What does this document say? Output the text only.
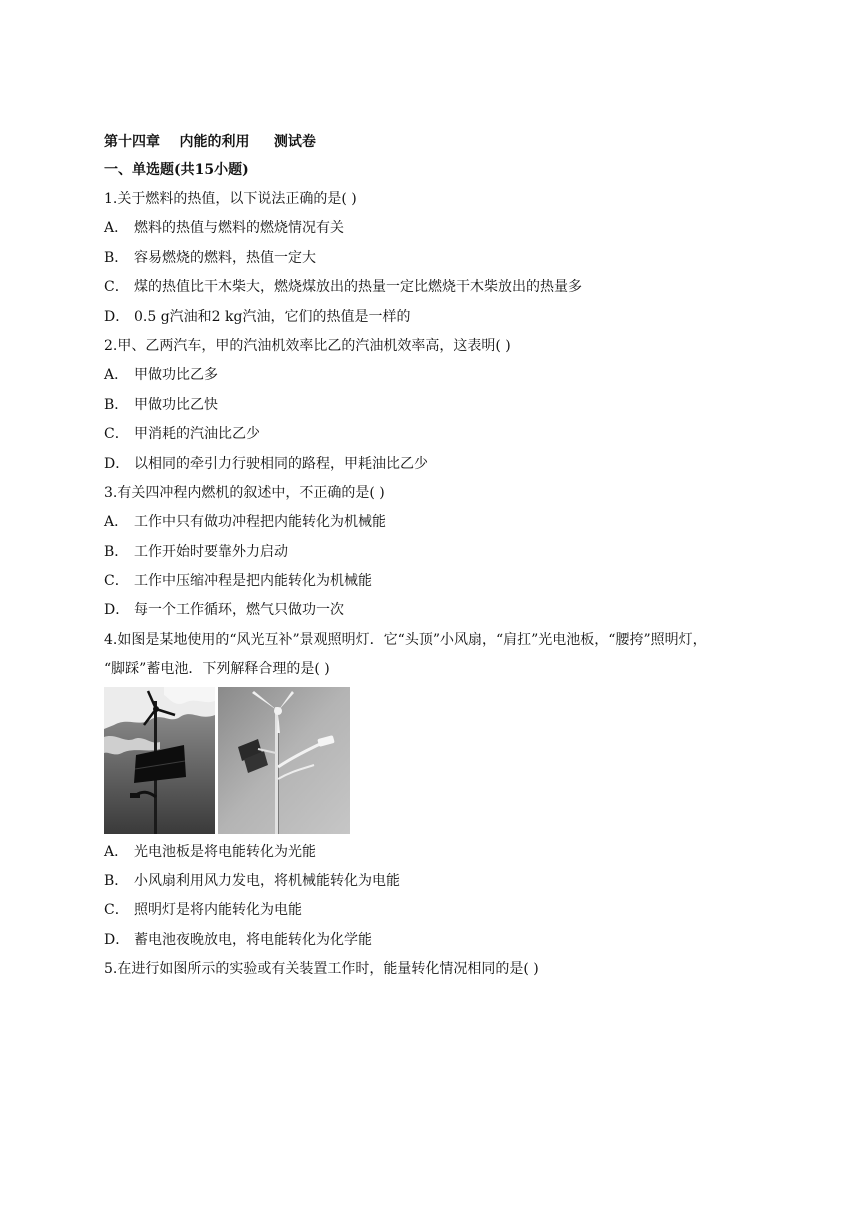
第十四章    内能的利用     测试卷
一、单选题(共15小题)
1.关于燃料的热值，以下说法正确的是( )
A． 燃料的热值与燃料的燃烧情况有关
B． 容易燃烧的燃料，热值一定大
C． 煤的热值比干木柴大，燃烧煤放出的热量一定比燃烧干木柴放出的热量多
D． 0.5 g汽油和2 kg汽油，它们的热值是一样的
2.甲、乙两汽车，甲的汽油机效率比乙的汽油机效率高，这表明( )
A． 甲做功比乙多
B． 甲做功比乙快
C． 甲消耗的汽油比乙少
D． 以相同的牵引力行驶相同的路程，甲耗油比乙少
3.有关四冲程内燃机的叙述中，不正确的是( )
A． 工作中只有做功冲程把内能转化为机械能
B． 工作开始时要靠外力启动
C． 工作中压缩冲程是把内能转化为机械能
D． 每一个工作循环，燃气只做功一次
4.如图是某地使用的“风光互补”景观照明灯．它“头顶”小风扇，“肩扛”光电池板，“腰挎”照明灯，
“脚踩”蓄电池．下列解释合理的是( )
A． 光电池板是将电能转化为光能
B． 小风扇利用风力发电，将机械能转化为电能
C． 照明灯是将内能转化为电能
D． 蓄电池夜晚放电，将电能转化为化学能
5.在进行如图所示的实验或有关装置工作时，能量转化情况相同的是( )
